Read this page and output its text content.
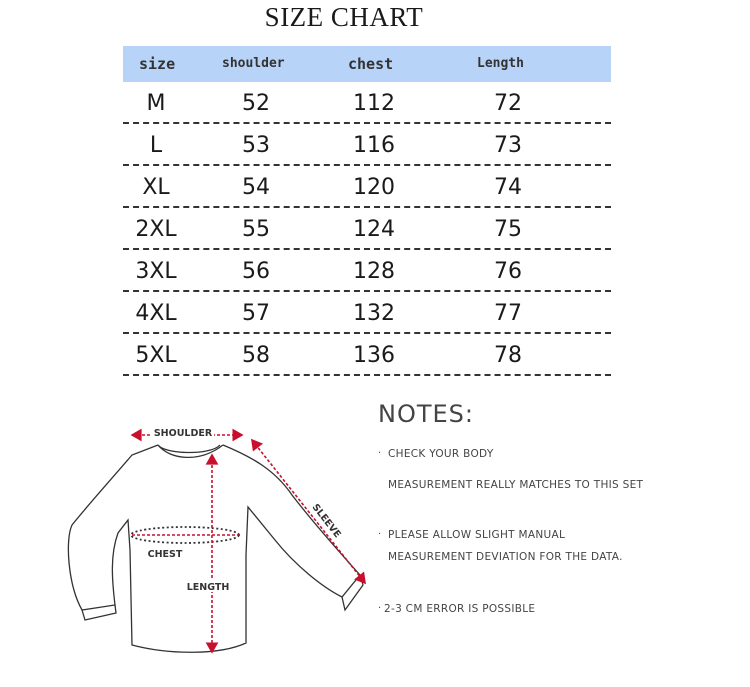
SIZE CHART
size	shoulder	chest	Length
M	52	112	72
L	53	116	73
XL	54	120	74
2XL	55	124	75
3XL	56	128	76
4XL	57	132	77
5XL	58	136	78
SHOULDER
SLEEVE
CHEST
LENGTH
NOTES:
· CHECK YOUR BODY
MEASUREMENT REALLY MATCHES TO THIS SET
· PLEASE ALLOW SLIGHT MANUAL
MEASUREMENT DEVIATION FOR THE DATA.
· 2-3 CM ERROR IS POSSIBLE
